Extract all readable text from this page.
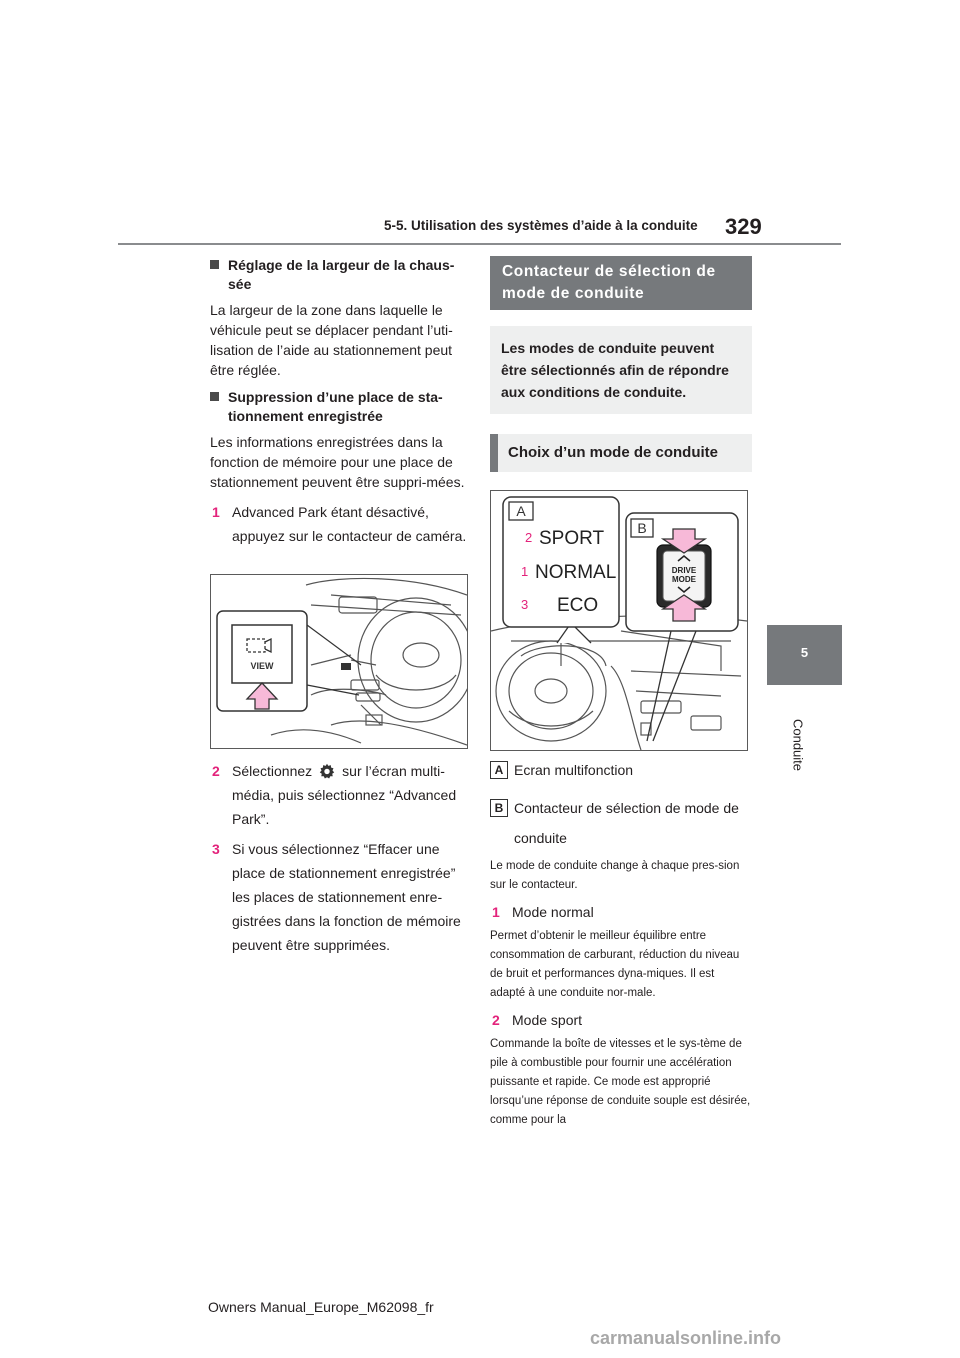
5-5. Utilisation des systèmes d’aide à la conduite 329
5
Conduite

Réglage de la largeur de la chaus-sée

La largeur de la zone dans laquelle le véhicule peut se déplacer pendant l’uti-lisation de l’aide au stationnement peut être réglée.

Suppression d’une place de sta-tionnement enregistrée

Les informations enregistrées dans la fonction de mémoire pour une place de stationnement peuvent être suppri-mées.

1 Advanced Park étant désactivé, appuyez sur le contacteur de caméra.
VIEW
2 Sélectionnez sur l’écran multi-média, puis sélectionnez “Advanced Park”.
3 Si vous sélectionnez “Effacer une place de stationnement enregistrée” les places de stationnement enre-gistrées dans la fonction de mémoire peuvent être supprimées.
Contacteur de sélection de mode de conduite
Les modes de conduite peuvent être sélectionnés afin de répondre aux conditions de conduite.
Choix d’un mode de conduite
A
2 SPORT
1 NORMAL
3 ECO
B
DRIVE
MODE
A Ecran multifonction
B Contacteur de sélection de mode de conduite

Le mode de conduite change à chaque pres-sion sur le contacteur.

1 Mode normal

Permet d’obtenir le meilleur équilibre entre consommation de carburant, réduction du niveau de bruit et performances dyna-miques. Il est adapté à une conduite nor-male.

2 Mode sport

Commande la boîte de vitesses et le sys-tème de pile à combustible pour fournir une accélération puissante et rapide. Ce mode est approprié lorsqu’une réponse de conduite souple est désirée, comme pour la

Owners Manual_Europe_M62098_fr
carmanualsonline.info
